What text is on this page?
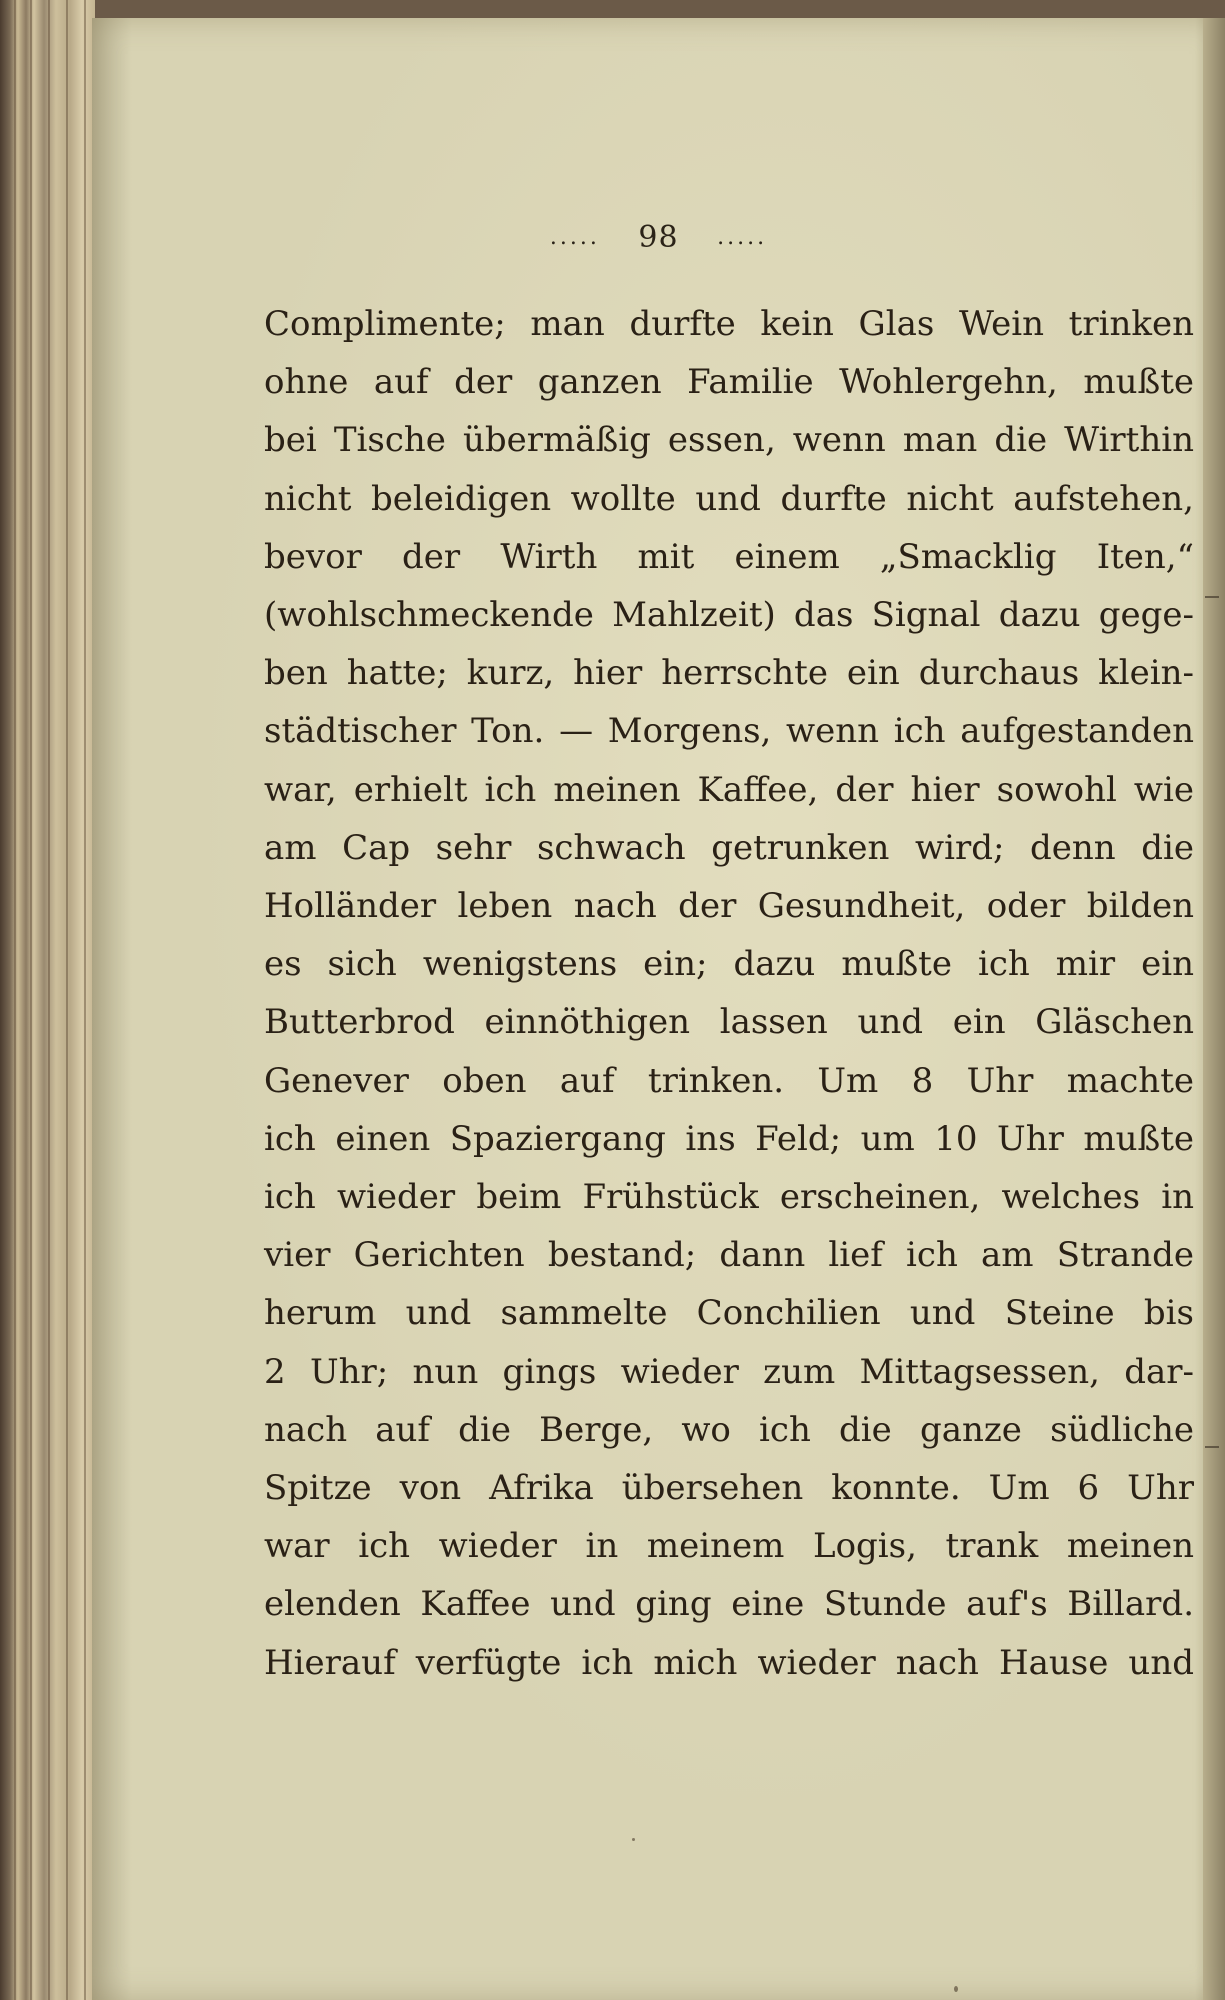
..... 98 .....
Complimente; man durfte kein Glas Wein trinken
ohne auf der ganzen Familie Wohlergehn, mußte
bei Tische übermäßig essen, wenn man die Wirthin
nicht beleidigen wollte und durfte nicht aufstehen,
bevor der Wirth mit einem „Smacklig Iten,“
(wohlschmeckende Mahlzeit) das Signal dazu gege-
ben hatte; kurz, hier herrschte ein durchaus klein-
städtischer Ton. — Morgens, wenn ich aufgestanden
war, erhielt ich meinen Kaffee, der hier sowohl wie
am Cap sehr schwach getrunken wird; denn die
Holländer leben nach der Gesundheit, oder bilden
es sich wenigstens ein; dazu mußte ich mir ein
Butterbrod einnöthigen lassen und ein Gläschen
Genever oben auf trinken. Um 8 Uhr machte
ich einen Spaziergang ins Feld; um 10 Uhr mußte
ich wieder beim Frühstück erscheinen, welches in
vier Gerichten bestand; dann lief ich am Strande
herum und sammelte Conchilien und Steine bis
2 Uhr; nun gings wieder zum Mittagsessen, dar-
nach auf die Berge, wo ich die ganze südliche
Spitze von Afrika übersehen konnte. Um 6 Uhr
war ich wieder in meinem Logis, trank meinen
elenden Kaffee und ging eine Stunde auf's Billard.
Hierauf verfügte ich mich wieder nach Hause und
